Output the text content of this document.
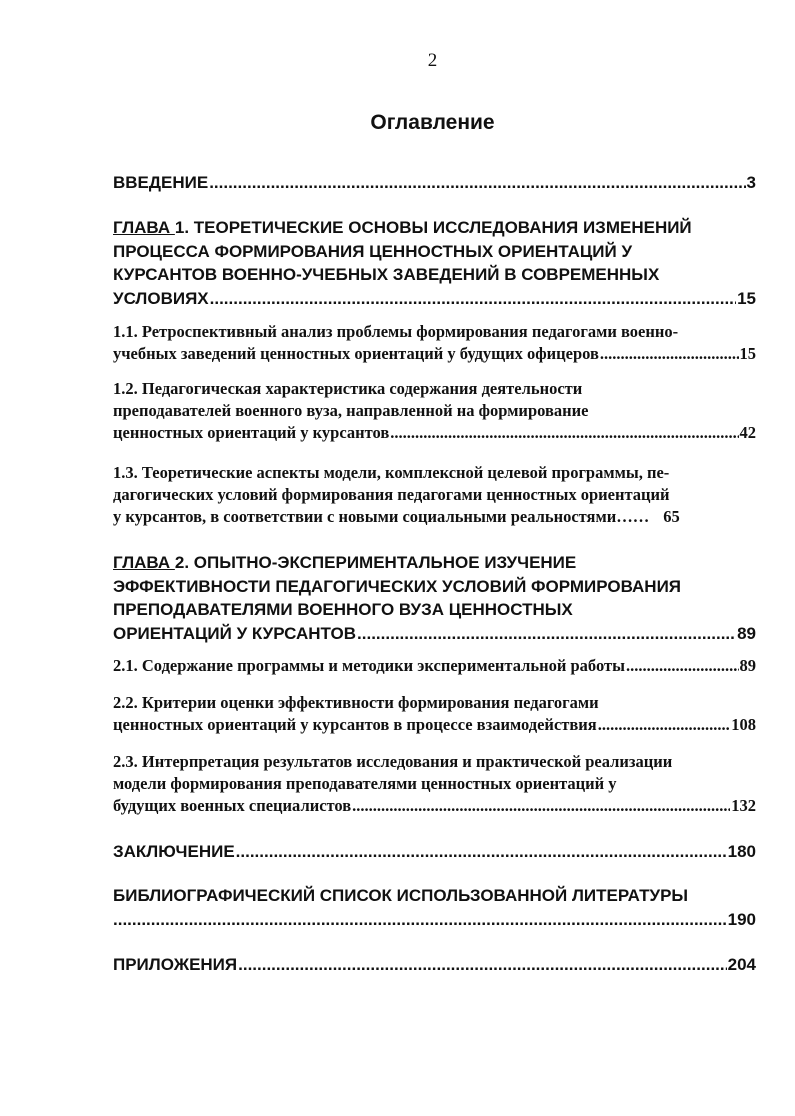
2
Оглавление
ВВЕДЕНИЕ .....	3
ГЛАВА 1. ТЕОРЕТИЧЕСКИЕ ОСНОВЫ ИССЛЕДОВАНИЯ ИЗМЕНЕНИЙ
ПРОЦЕССА ФОРМИРОВАНИЯ ЦЕННОСТНЫХ ОРИЕНТАЦИЙ У
КУРСАНТОВ ВОЕННО-УЧЕБНЫХ ЗАВЕДЕНИЙ В СОВРЕМЕННЫХ
УСЛОВИЯХ .....	15
1.1. Ретроспективный анализ проблемы формирования педагогами военно-
учебных заведений ценностных ориентаций у будущих офицеров .....	15
1.2. Педагогическая характеристика содержания деятельности
преподавателей военного вуза, направленной на формирование
ценностных ориентаций у курсантов .....	42
1.3. Теоретические аспекты модели, комплексной целевой программы, пе-
дагогических условий формирования педагогами ценностных ориентаций
у курсантов, в соответствии с новыми социальными реальностями…… 65
ГЛАВА 2. ОПЫТНО-ЭКСПЕРИМЕНТАЛЬНОЕ ИЗУЧЕНИЕ
ЭФФЕКТИВНОСТИ ПЕДАГОГИЧЕСКИХ УСЛОВИЙ ФОРМИРОВАНИЯ
ПРЕПОДАВАТЕЛЯМИ ВОЕННОГО ВУЗА ЦЕННОСТНЫХ
ОРИЕНТАЦИЙ У КУРСАНТОВ .....	89
2.1. Содержание программы и методики экспериментальной работы .....	89
2.2. Критерии оценки эффективности формирования педагогами
ценностных ориентаций у курсантов в процессе взаимодействия .....	108
2.3. Интерпретация результатов исследования и практической реализации
модели формирования преподавателями ценностных ориентаций у
будущих военных специалистов .....	132
ЗАКЛЮЧЕНИЕ .....	180
БИБЛИОГРАФИЧЕСКИЙ СПИСОК ИСПОЛЬЗОВАННОЙ ЛИТЕРАТУРЫ
.....
190
ПРИЛОЖЕНИЯ .....	204
